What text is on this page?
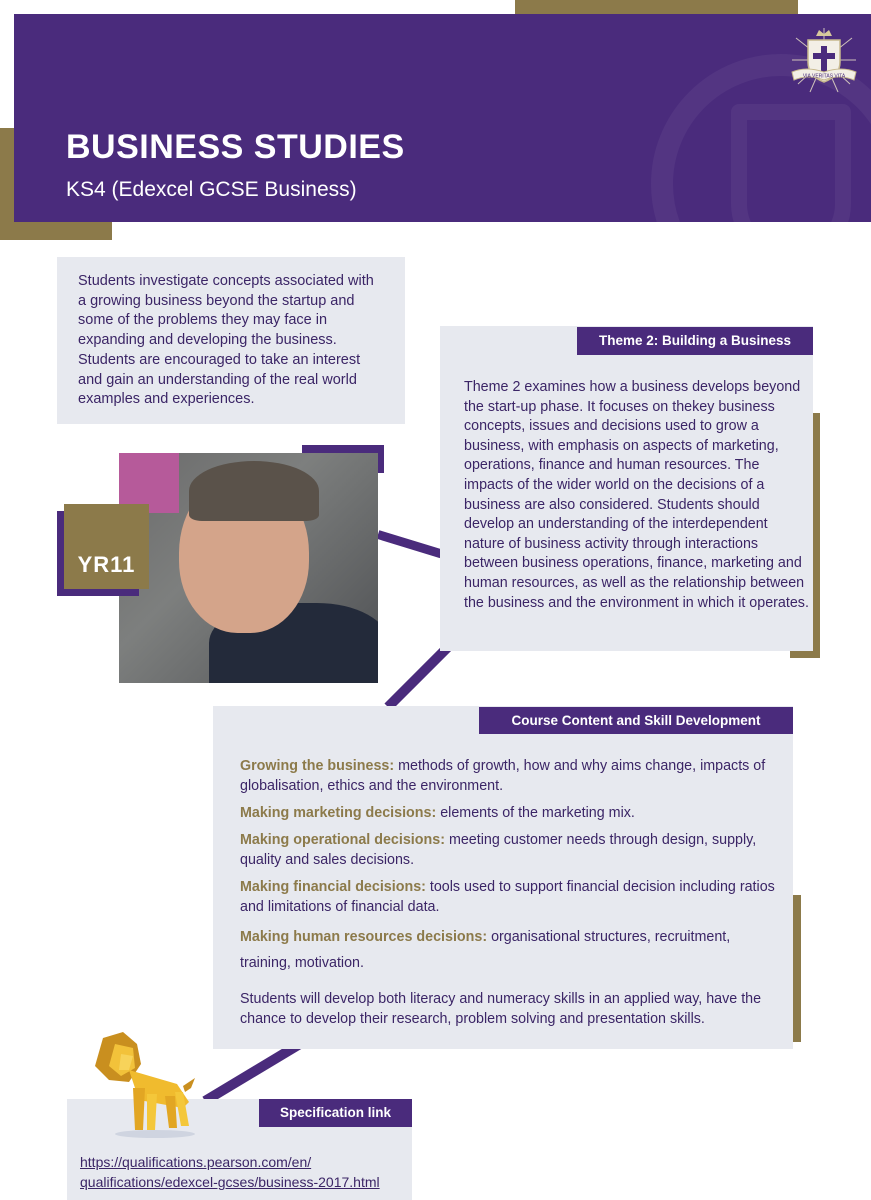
BUSINESS STUDIES
KS4 (Edexcel GCSE Business)
VIA VERITAS VITA

Students investigate concepts associated with a growing business beyond the startup and some of the problems they may face in expanding and developing the business. Students are encouraged to take an interest and gain an understanding of the real world examples and experiences.

YR11
Theme 2: Building a Business

Theme 2 examines how a business develops beyond the start-up phase. It focuses on thekey business concepts, issues and decisions used to grow a business, with emphasis on aspects of marketing, operations, finance and human resources. The impacts of the wider world on the decisions of a business are also considered. Students should develop an understanding of the interdependent nature of business activity through interactions between business operations, finance, marketing and human resources, as well as the relationship between the business and the environment in which it operates.

Course Content and Skill Development

Growing the business: methods of growth, how and why aims change, impacts of globalisation, ethics and the environment.

Making marketing decisions: elements of the marketing mix.

Making operational decisions: meeting customer needs through design, supply, quality and sales decisions.

Making financial decisions: tools used to support financial decision including ratios and limitations of financial data.

Making human resources decisions: organisational structures, recruitment, training, motivation.

Students will develop both literacy and numeracy skills in an applied way, have the chance to develop their research, problem solving and presentation skills.

Specification link
https://qualifications.pearson.com/en/
qualifications/edexcel-gcses/business-2017.html
